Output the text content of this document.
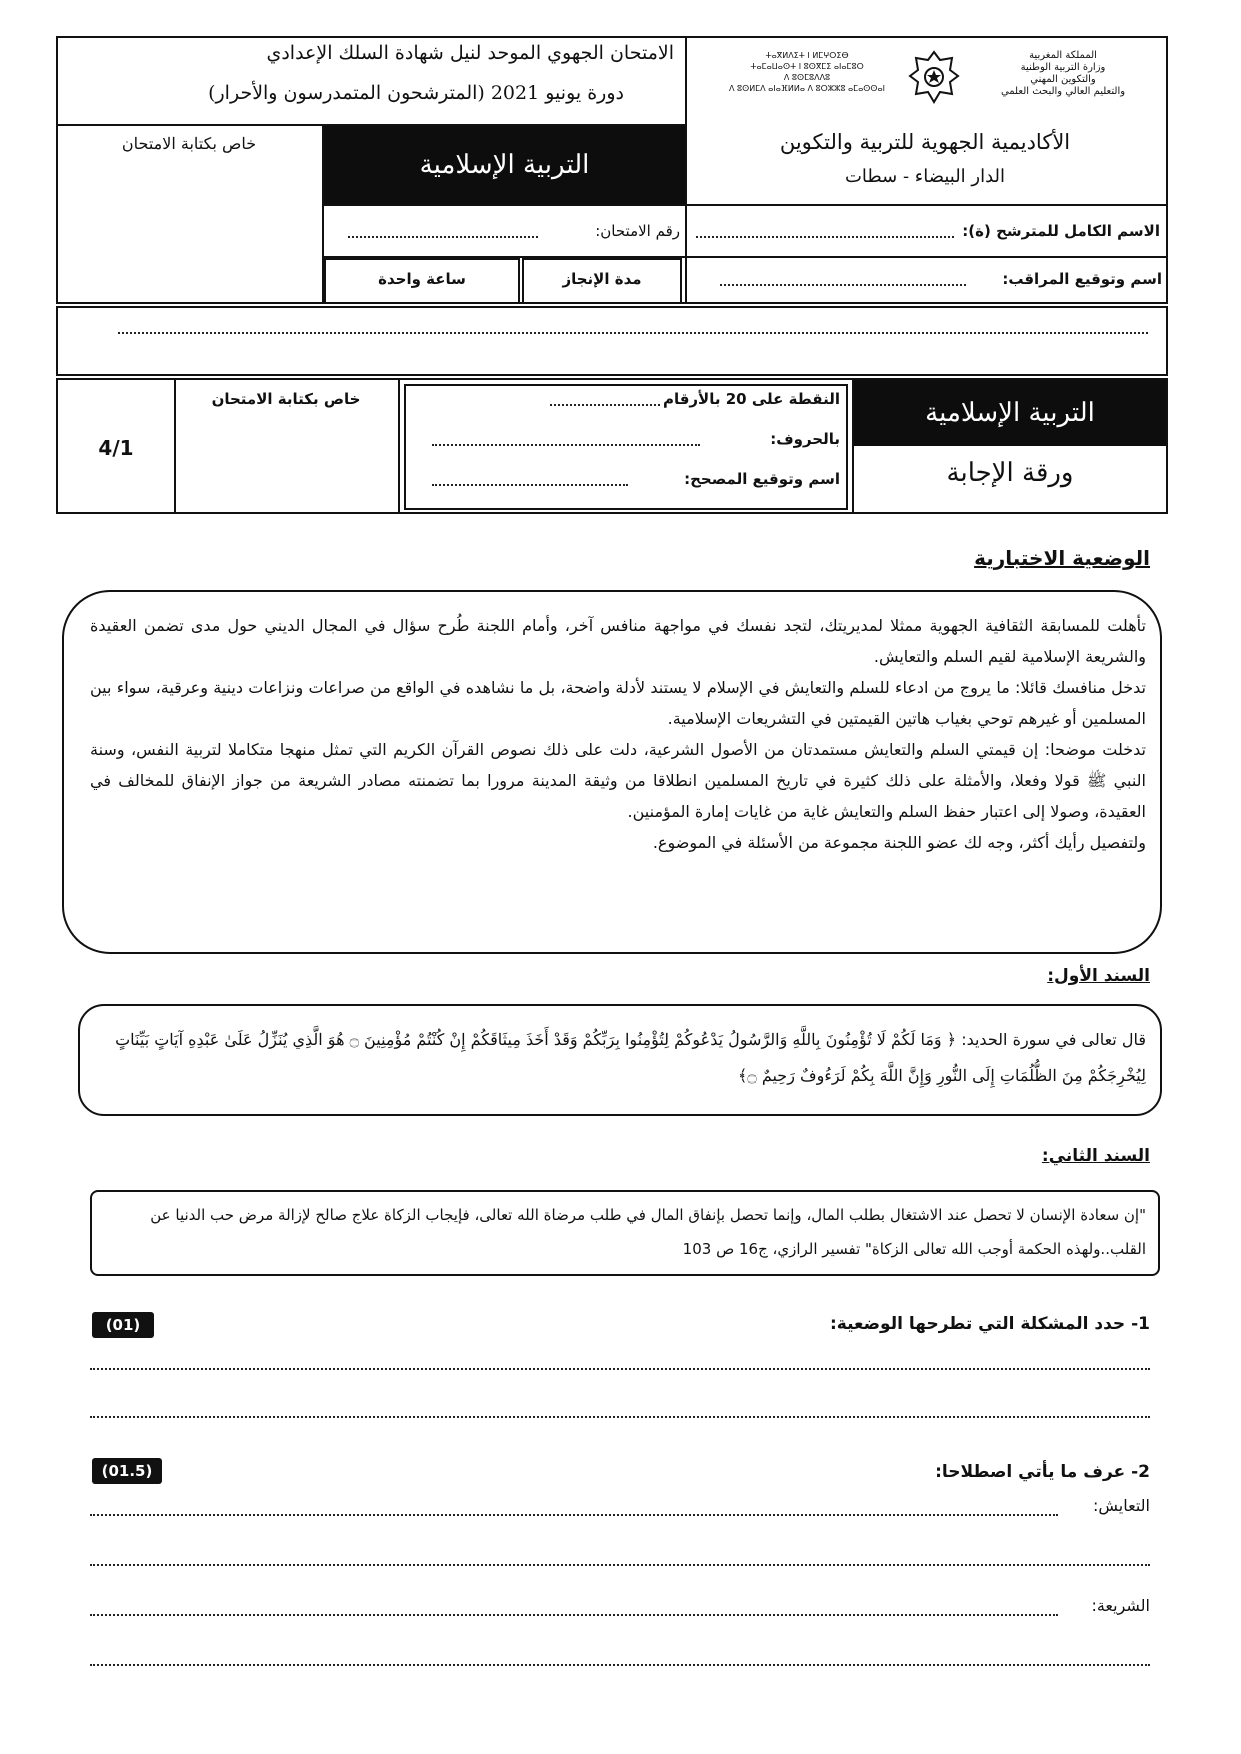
الامتحان الجهوي الموحد لنيل شهادة السلك الإعدادي
دورة يونيو 2021 (المترشحون المتمدرسون والأحرار)
ⵜⴰⴳⵍⴷⵉⵜ ⵏ ⵍⵎⵖⵔⵉⴱ
ⵜⴰⵎⴰⵡⴰⵙⵜ ⵏ ⵓⵙⴳⵎⵉ ⴰⵏⴰⵎⵓⵔ
ⴷ ⵓⵙⵎⵓⴷⴷⵓ
ⴷ ⵓⵙⵍⵎⴷ ⴰⵏⴰⴼⵍⵍⴰ ⴷ ⵓⵔⵣⵣⵓ ⴰⵎⴰⵙⵙⴰⵏ
المملكة المغربية
وزارة التربية الوطنية
والتكوين المهني
والتعليم العالي والبحث العلمي
خاص بكتابة الامتحان
التربية الإسلامية
الأكاديمية الجهوية للتربية والتكوين
الدار البيضاء - سطات
الاسم الكامل للمترشح (ة):
رقم الامتحان:
اسم وتوقيع المراقب:
مدة الإنجاز
ساعة واحدة
4/1
خاص بكتابة الامتحان	النقطة على 20 بالأرقام
بالحروف:
اسم وتوقيع المصحح:
التربية الإسلامية
ورقة الإجابة
الوضعية الاختبارية
تأهلت للمسابقة الثقافية الجهوية ممثلا لمديريتك، لتجد نفسك في مواجهة منافس آخر، وأمام اللجنة طُرح سؤال في المجال الديني حول مدى تضمن العقيدة والشريعة الإسلامية لقيم السلم والتعايش.
تدخل منافسك قائلا: ما يروج من ادعاء للسلم والتعايش في الإسلام لا يستند لأدلة واضحة، بل ما نشاهده في الواقع من صراعات ونزاعات دينية وعرقية، سواء بين المسلمين أو غيرهم توحي بغياب هاتين القيمتين في التشريعات الإسلامية.
تدخلت موضحا: إن قيمتي السلم والتعايش مستمدتان من الأصول الشرعية، دلت على ذلك نصوص القرآن الكريم التي تمثل منهجا متكاملا لتربية النفس، وسنة النبي ﷺ قولا وفعلا، والأمثلة على ذلك كثيرة في تاريخ المسلمين انطلاقا من وثيقة المدينة مرورا بما تضمنته مصادر الشريعة من جواز الإنفاق للمخالف في العقيدة، وصولا إلى اعتبار حفظ السلم والتعايش غاية من غايات إمارة المؤمنين.
ولتفصيل رأيك أكثر، وجه لك عضو اللجنة مجموعة من الأسئلة في الموضوع.
السند الأول:
قال تعالى في سورة الحديد: ﴿ وَمَا لَكُمْ لَا تُؤْمِنُونَ بِاللَّهِ وَالرَّسُولُ يَدْعُوكُمْ لِتُؤْمِنُوا بِرَبِّكُمْ وَقَدْ أَخَذَ مِيثَاقَكُمْ إِنْ كُنْتُمْ مُؤْمِنِينَ ۝ هُوَ الَّذِي يُنَزِّلُ عَلَىٰ عَبْدِهِ آيَاتٍ بَيِّنَاتٍ لِيُخْرِجَكُمْ مِنَ الظُّلُمَاتِ إِلَى النُّورِ وَإِنَّ اللَّهَ بِكُمْ لَرَءُوفٌ رَحِيمٌ ۝﴾
السند الثاني:
"إن سعادة الإنسان لا تحصل عند الاشتغال بطلب المال، وإنما تحصل بإنفاق المال في طلب مرضاة الله تعالى، فإيجاب الزكاة علاج صالح لإزالة مرض حب الدنيا عن القلب..ولهذه الحكمة أوجب الله تعالى الزكاة" تفسير الرازي، ج16 ص 103
1- حدد المشكلة التي تطرحها الوضعية:
(01)
2- عرف ما يأتي اصطلاحا:
(01.5)
التعايش:
الشريعة:
